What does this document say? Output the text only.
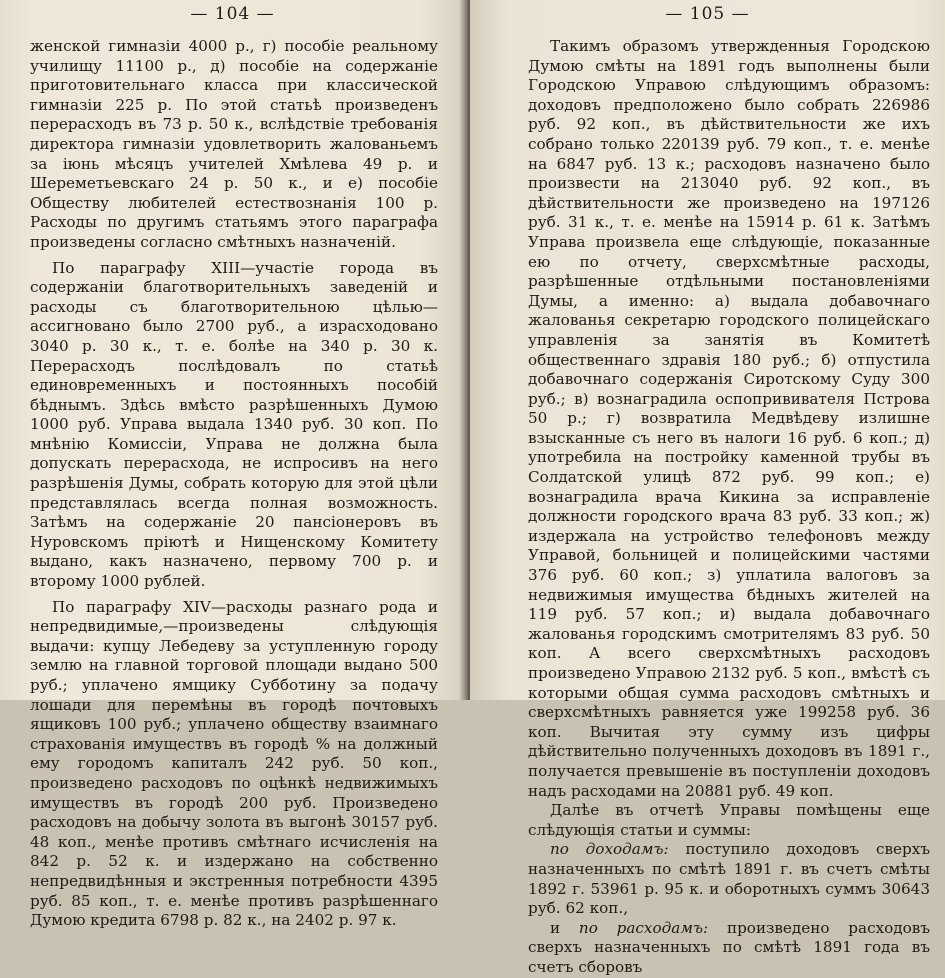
— 104 —

женской гимназіи 4000 р., г) пособіе реальному училищу 11100 р., д) пособіе на содержаніе приготовительнаго класса при классической гимназіи 225 р. По этой статьѣ произведенъ перерасходъ въ 73 р. 50 к., вслѣдствіе требованія директора гимназіи удовлетворить жалованьемъ за іюнь мѣсяцъ учителей Хмѣлева 49 р. и Шереметьевскаго 24 р. 50 к., и е) пособіе Обществу любителей естествознанія 100 р. Расходы по другимъ статьямъ этого параграфа произведены согласно смѣтныхъ назначеній.

По параграфу XIII—участіе города въ содержаніи благотворительныхъ заведеній и расходы съ благотворительною цѣлью—ассигновано было 2700 руб., а израсходовано 3040 р. 30 к., т. е. болѣе на 340 р. 30 к. Перерасходъ послѣдовалъ по статьѣ единовременныхъ и постоянныхъ пособій бѣднымъ. Здѣсь вмѣсто разрѣшенныхъ Думою 1000 руб. Управа выдала 1340 руб. 30 коп. По мнѣнію Комиссіи, Управа не должна была допускать перерасхода, не испросивъ на него разрѣшенія Думы, собрать которую для этой цѣли представлялась всегда полная возможность. Затѣмъ на содержаніе 20 пансіонеровъ въ Нуровскомъ пріютѣ и Нищенскому Комитету выдано, какъ назначено, первому 700 р. и второму 1000 рублей.

По параграфу XIV—расходы разнаго рода и непредвидимые,—произведены слѣдующія выдачи: купцу Лебедеву за уступленную городу землю на главной торговой площади выдано 500 руб.; уплачено ямщику Субботину за подачу лошади для перемѣны въ городѣ почтовыхъ ящиковъ 100 руб.; уплачено обществу взаимнаго страхованія имуществъ въ городѣ % на должный ему городомъ капиталъ 242 руб. 50 коп., произведено расходовъ по оцѣнкѣ недвижимыхъ имуществъ въ городѣ 200 руб. Произведено расходовъ на добычу золота въ выгонѣ 30157 руб. 48 коп., менѣе противъ смѣтнаго исчисленія на 842 р. 52 к. и издержано на собственно непредвидѣнныя и экстренныя потребности 4395 руб. 85 коп., т. е. менѣе противъ разрѣшеннаго Думою кредита 6798 р. 82 к., на 2402 р. 97 к.

— 105 —

Такимъ образомъ утвержденныя Городскою Думою смѣты на 1891 годъ выполнены были Городскою Управою слѣдующимъ образомъ: доходовъ предположено было собрать 226986 руб. 92 коп., въ дѣйствительности же ихъ собрано только 220139 руб. 79 коп., т. е. менѣе на 6847 руб. 13 к.; расходовъ назначено было произвести на 213040 руб. 92 коп., въ дѣйствительности же произведено на 197126 руб. 31 к., т. е. менѣе на 15914 р. 61 к. Затѣмъ Управа произвела еще слѣдующіе, показанные ею по отчету, сверхсмѣтные расходы, разрѣшенные отдѣльными постановленіями Думы, а именно: а) выдала добавочнаго жалованья секретарю городского полицейскаго управленія за занятія въ Комитетѣ общественнаго здравія 180 руб.; б) отпустила добавочнаго содержанія Сиротскому Суду 300 руб.; в) вознаградила оспопрививателя Пстрова 50 р.; г) возвратила Медвѣдеву излишне взысканные съ него въ налоги 16 руб. 6 коп.; д) употребила на постройку каменной трубы въ Солдатской улицѣ 872 руб. 99 коп.; е) вознаградила врача Кикина за исправленіе должности городского врача 83 руб. 33 коп.; ж) издержала на устройство телефоновъ между Управой, больницей и полицейскими частями 376 руб. 60 коп.; з) уплатила валоговъ за недвижимыя имущества бѣдныхъ жителей на 119 руб. 57 коп.; и) выдала добавочнаго жалованья городскимъ смотрителямъ 83 руб. 50 коп. А всего сверхсмѣтныхъ расходовъ произведено Управою 2132 руб. 5 коп., вмѣстѣ съ которыми общая сумма расходовъ смѣтныхъ и сверхсмѣтныхъ равняется уже 199258 руб. 36 коп. Вычитая эту сумму изъ цифры дѣйствительно полученныхъ доходовъ въ 1891 г., получается превышеніе въ поступленіи доходовъ надъ расходами на 20881 руб. 49 коп.

Далѣе въ отчетѣ Управы помѣщены еще слѣдующія статьи и суммы:

по доходамъ: поступило доходовъ сверхъ назначенныхъ по смѣтѣ 1891 г. въ счетъ смѣты 1892 г. 53961 р. 95 к. и оборотныхъ суммъ 30643 руб. 62 коп.,

и по расходамъ: произведено расходовъ сверхъ назначенныхъ по смѣтѣ 1891 года въ счетъ сборовъ
